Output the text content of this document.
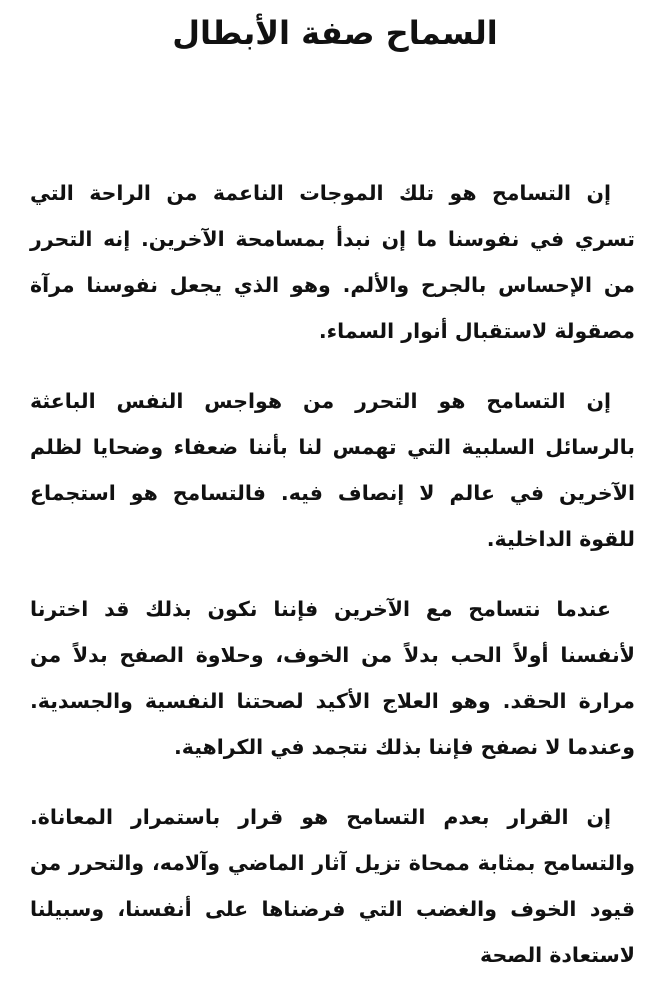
السماح صفة الأبطال

إن التسامح هو تلك الموجات الناعمة من الراحة التي تسري في نفوسنا ما إن نبدأ بمسامحة الآخرين. إنه التحرر من الإحساس بالجرح والألم. وهو الذي يجعل نفوسنا مرآة مصقولة لاستقبال أنوار السماء.

إن التسامح هو التحرر من هواجس النفس الباعثة بالرسائل السلبية التي تهمس لنا بأننا ضعفاء وضحايا لظلم الآخرين في عالم لا إنصاف فيه. فالتسامح هو استجماع للقوة الداخلية.

عندما نتسامح مع الآخرين فإننا نكون بذلك قد اخترنا لأنفسنا أولاً الحب بدلاً من الخوف، وحلاوة الصفح بدلاً من مرارة الحقد. وهو العلاج الأكيد لصحتنا النفسية والجسدية. وعندما لا نصفح فإننا بذلك نتجمد في الكراهية.

إن القرار بعدم التسامح هو قرار باستمرار المعاناة. والتسامح بمثابة ممحاة تزيل آثار الماضي وآلامه، والتحرر من قيود الخوف والغضب التي فرضناها على أنفسنا، وسبيلنا لاستعادة الصحة
